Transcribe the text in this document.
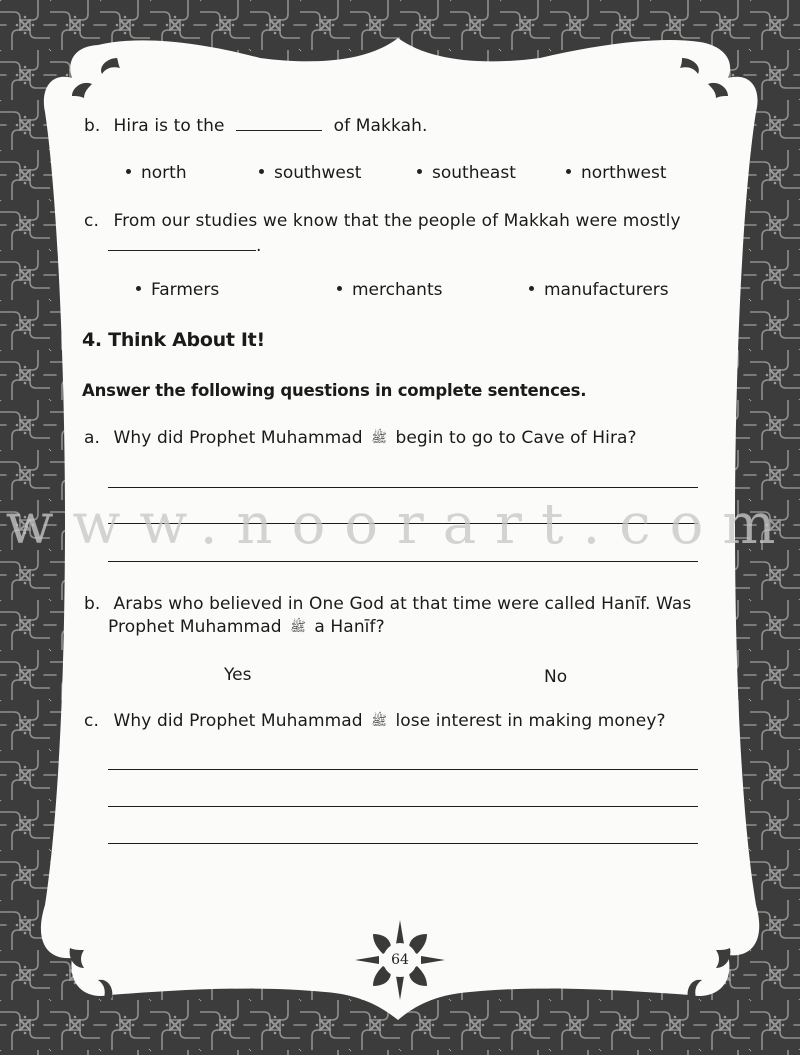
b. Hira is to the	of Makkah.
north	southwest	southeast	northwest
c. From our studies we know that the people of Makkah were mostly
.
Farmers	merchants	manufacturers
4. Think About It!
Answer the following questions in complete sentences.
a. Why did Prophet Muhammad ﷺ begin to go to Cave of Hira?
b. Arabs who believed in One God at that time were called Hanīf. Was
Prophet Muhammad ﷺ a Hanīf?
Yes	No
c. Why did Prophet Muhammad ﷺ lose interest in making money?
64
www.noorart.com
